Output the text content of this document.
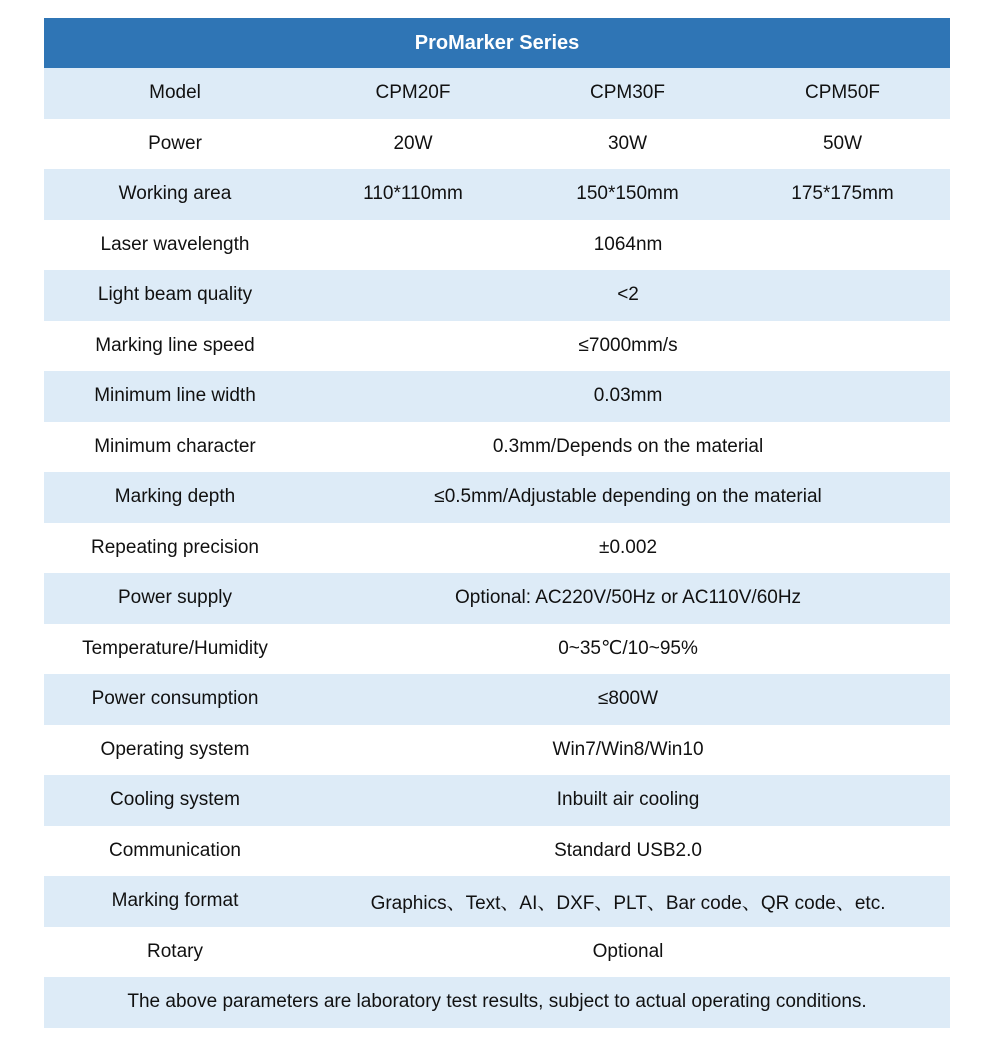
ProMarker Series			
Model	CPM20F	CPM30F	CPM50F
Power	20W	30W	50W
Working area	110*110mm	150*150mm	175*175mm
Laser wavelength	1064nm		
Light beam quality	<2		
Marking line speed	≤7000mm/s		
Minimum line width	0.03mm		
Minimum character	0.3mm/Depends on the material		
Marking depth	≤0.5mm/Adjustable depending on the material		
Repeating precision	±0.002		
Power supply	Optional: AC220V/50Hz or AC110V/60Hz		
Temperature/Humidity	0~35℃/10~95%		
Power consumption	≤800W		
Operating system	Win7/Win8/Win10		
Cooling system	Inbuilt air cooling		
Communication	Standard USB2.0		
Marking format	Graphics、Text、AI、DXF、PLT、Bar code、QR code、etc.		
Rotary	Optional		
The above parameters are laboratory test results, subject to actual operating conditions.			
